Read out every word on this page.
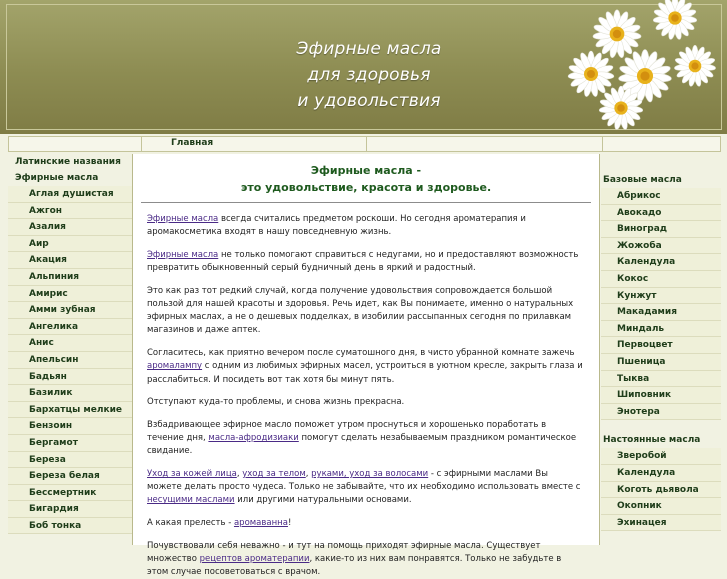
Эфирные масла
для здоровья
и удовольствия
Главная
Латинские названия
Эфирные масла
Аглая душистая
Ажгон
Азалия
Аир
Акация
Альпиния
Амирис
Амми зубная
Ангелика
Анис
Апельсин
Бадьян
Базилик
Бархатцы мелкие
Бензоин
Бергамот
Береза
Береза белая
Бессмертник
Бигардия
Боб тонка
Эфирные масла -
это удовольствие, красота и здоровье.

Эфирные масла всегда считались предметом роскоши. Но сегодня ароматерапия и аромакосметика входят в нашу повседневную жизнь.

Эфирные масла не только помогают справиться с недугами, но и предоставляют возможность превратить обыкновенный серый будничный день в яркий и радостный.

Это как раз тот редкий случай, когда получение удовольствия сопровождается большой пользой для нашей красоты и здоровья. Речь идет, как Вы понимаете, именно о натуральных эфирных маслах, а не о дешевых подделках, в изобилии рассыпанных сегодня по прилавкам магазинов и даже аптек.

Согласитесь, как приятно вечером после суматошного дня, в чисто убранной комнате зажечь аромалампу с одним из любимых эфирных масел, устроиться в уютном кресле, закрыть глаза и расслабиться. И посидеть вот так хотя бы минут пять.

Отступают куда-то проблемы, и снова жизнь прекрасна.

Взбадривающее эфирное масло поможет утром проснуться и хорошенько поработать в течение дня, масла-афродизиаки помогут сделать незабываемым праздником романтическое свидание.

Уход за кожей лица, уход за телом, руками, уход за волосами - с эфирными маслами Вы можете делать просто чудеса. Только не забывайте, что их необходимо использовать вместе с несущими маслами или другими натуральными основами.

А какая прелесть - аромаванна!

Почувствовали себя неважно - и тут на помощь приходят эфирные масла. Существует множество рецептов ароматерапии, какие-то из них вам понравятся. Только не забудьте в этом случае посоветоваться с врачом.

Базовые масла
Абрикос
Авокадо
Виноград
Жожоба
Календула
Кокос
Кунжут
Макадамия
Миндаль
Первоцвет
Пшеница
Тыква
Шиповник
Энотера
Настоянные масла
Зверобой
Календула
Коготь дьявола
Окопник
Эхинацея
